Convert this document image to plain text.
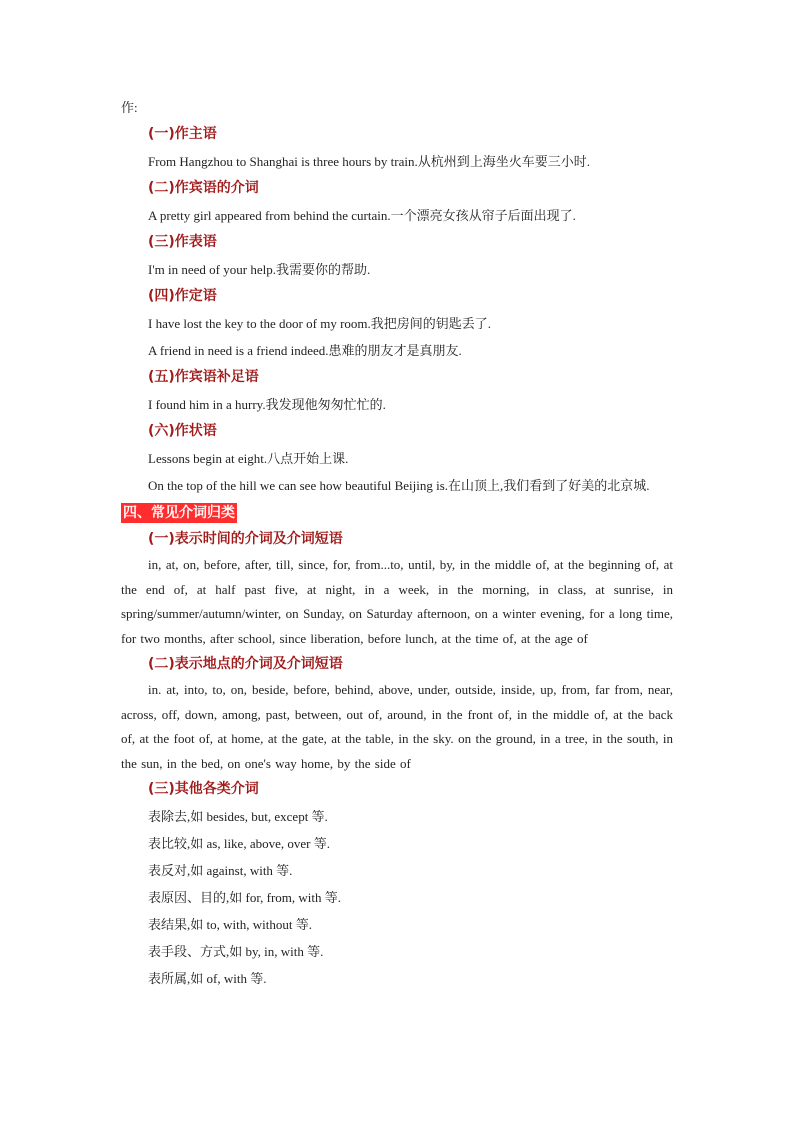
作:
(一)作主语
From Hangzhou to Shanghai is three hours by train.从杭州到上海坐火车要三小时.
(二)作宾语的介词
A pretty girl appeared from behind the curtain.一个漂亮女孩从帘子后面出现了.
(三)作表语
I'm in need of your help.我需要你的帮助.
(四)作定语
I have lost the key to the door of my room.我把房间的钥匙丢了.
A friend in need is a friend indeed.患难的朋友才是真朋友.
(五)作宾语补足语
I found him in a hurry.我发现他匆匆忙忙的.
(六)作状语
Lessons begin at eight.八点开始上课.
On the top of the hill we can see how beautiful Beijing is.在山顶上,我们看到了好美的北京城.
四、常见介词归类
(一)表示时间的介词及介词短语
in, at, on, before, after, till, since, for, from...to, until, by, in the middle of, at the beginning of, at the end of, at half past five, at night, in a week, in the morning, in class, at sunrise, in spring/summer/autumn/winter, on Sunday, on Saturday afternoon, on a winter evening, for a long time, for two months, after school, since liberation, before lunch, at the time of, at the age of
(二)表示地点的介词及介词短语
in. at, into, to, on, beside, before, behind, above, under, outside, inside, up, from, far from, near, across, off, down, among, past, between, out of, around, in the front of, in the middle of, at the back of, at the foot of, at home, at the gate, at the table, in the sky. on the ground, in a tree, in the south, in the sun, in the bed, on one's way home, by the side of
(三)其他各类介词
表除去,如 besides, but, except 等.
表比较,如 as, like, above, over 等.
表反对,如 against, with 等.
表原因、目的,如 for, from, with 等.
表结果,如 to, with, without 等.
表手段、方式,如 by, in, with 等.
表所属,如 of, with 等.
